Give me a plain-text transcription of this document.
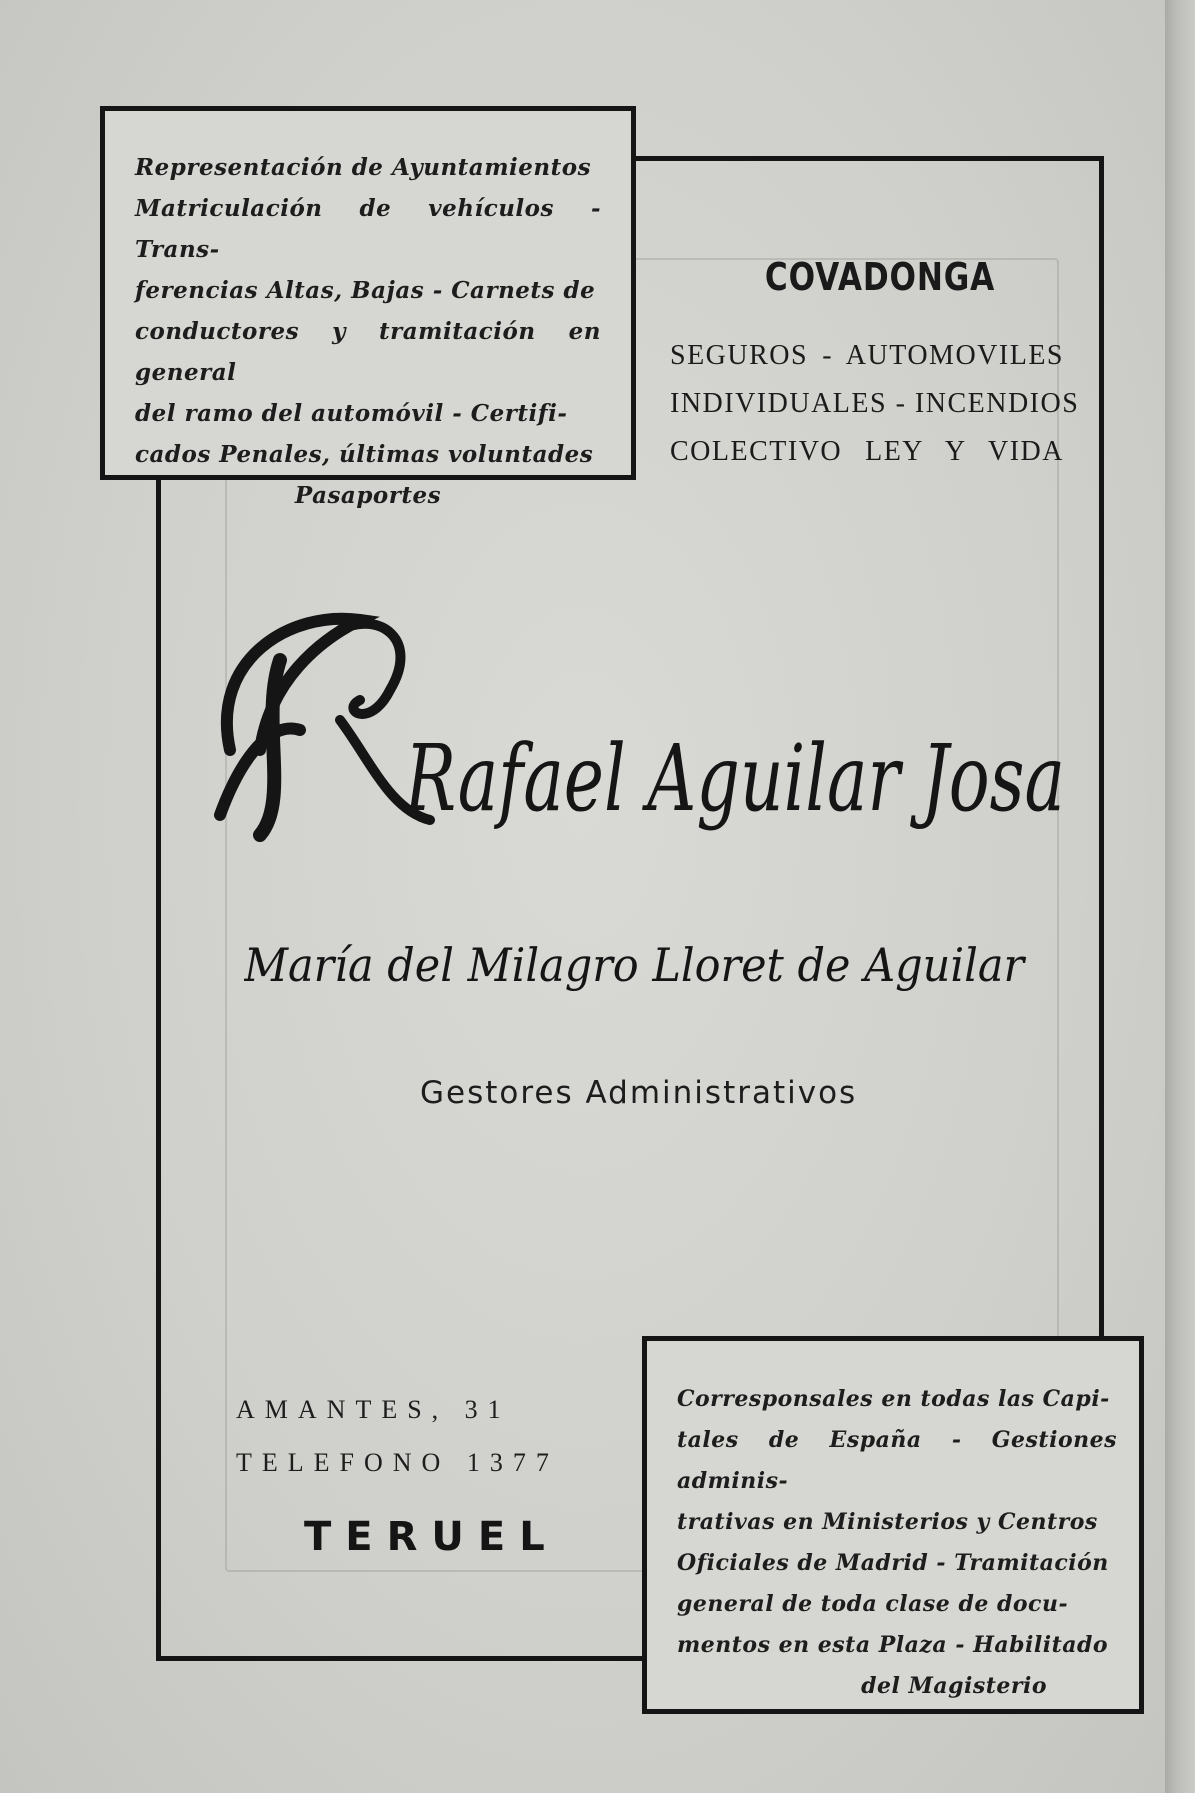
Representación de Ayuntamientos
Matriculación de vehículos - Trans-
ferencias Altas, Bajas - Carnets de
conductores y tramitación en general
del ramo del automóvil - Certifi-
cados Penales, últimas voluntades
Pasaportes
COVADONGA
SEGUROS - AUTOMOVILES
INDIVIDUALES - INCENDIOS
COLECTIVO LEY Y VIDA
Rafael Aguilar Josa
María del Milagro Lloret de Aguilar
Gestores Administrativos
AMANTES, 31
TELEFONO 1377
TERUEL
Corresponsales en todas las Capi-
tales de España - Gestiones adminis-
trativas en Ministerios y Centros
Oficiales de Madrid - Tramitación
general de toda clase de docu-
mentos en esta Plaza - Habilitado
del Magisterio
